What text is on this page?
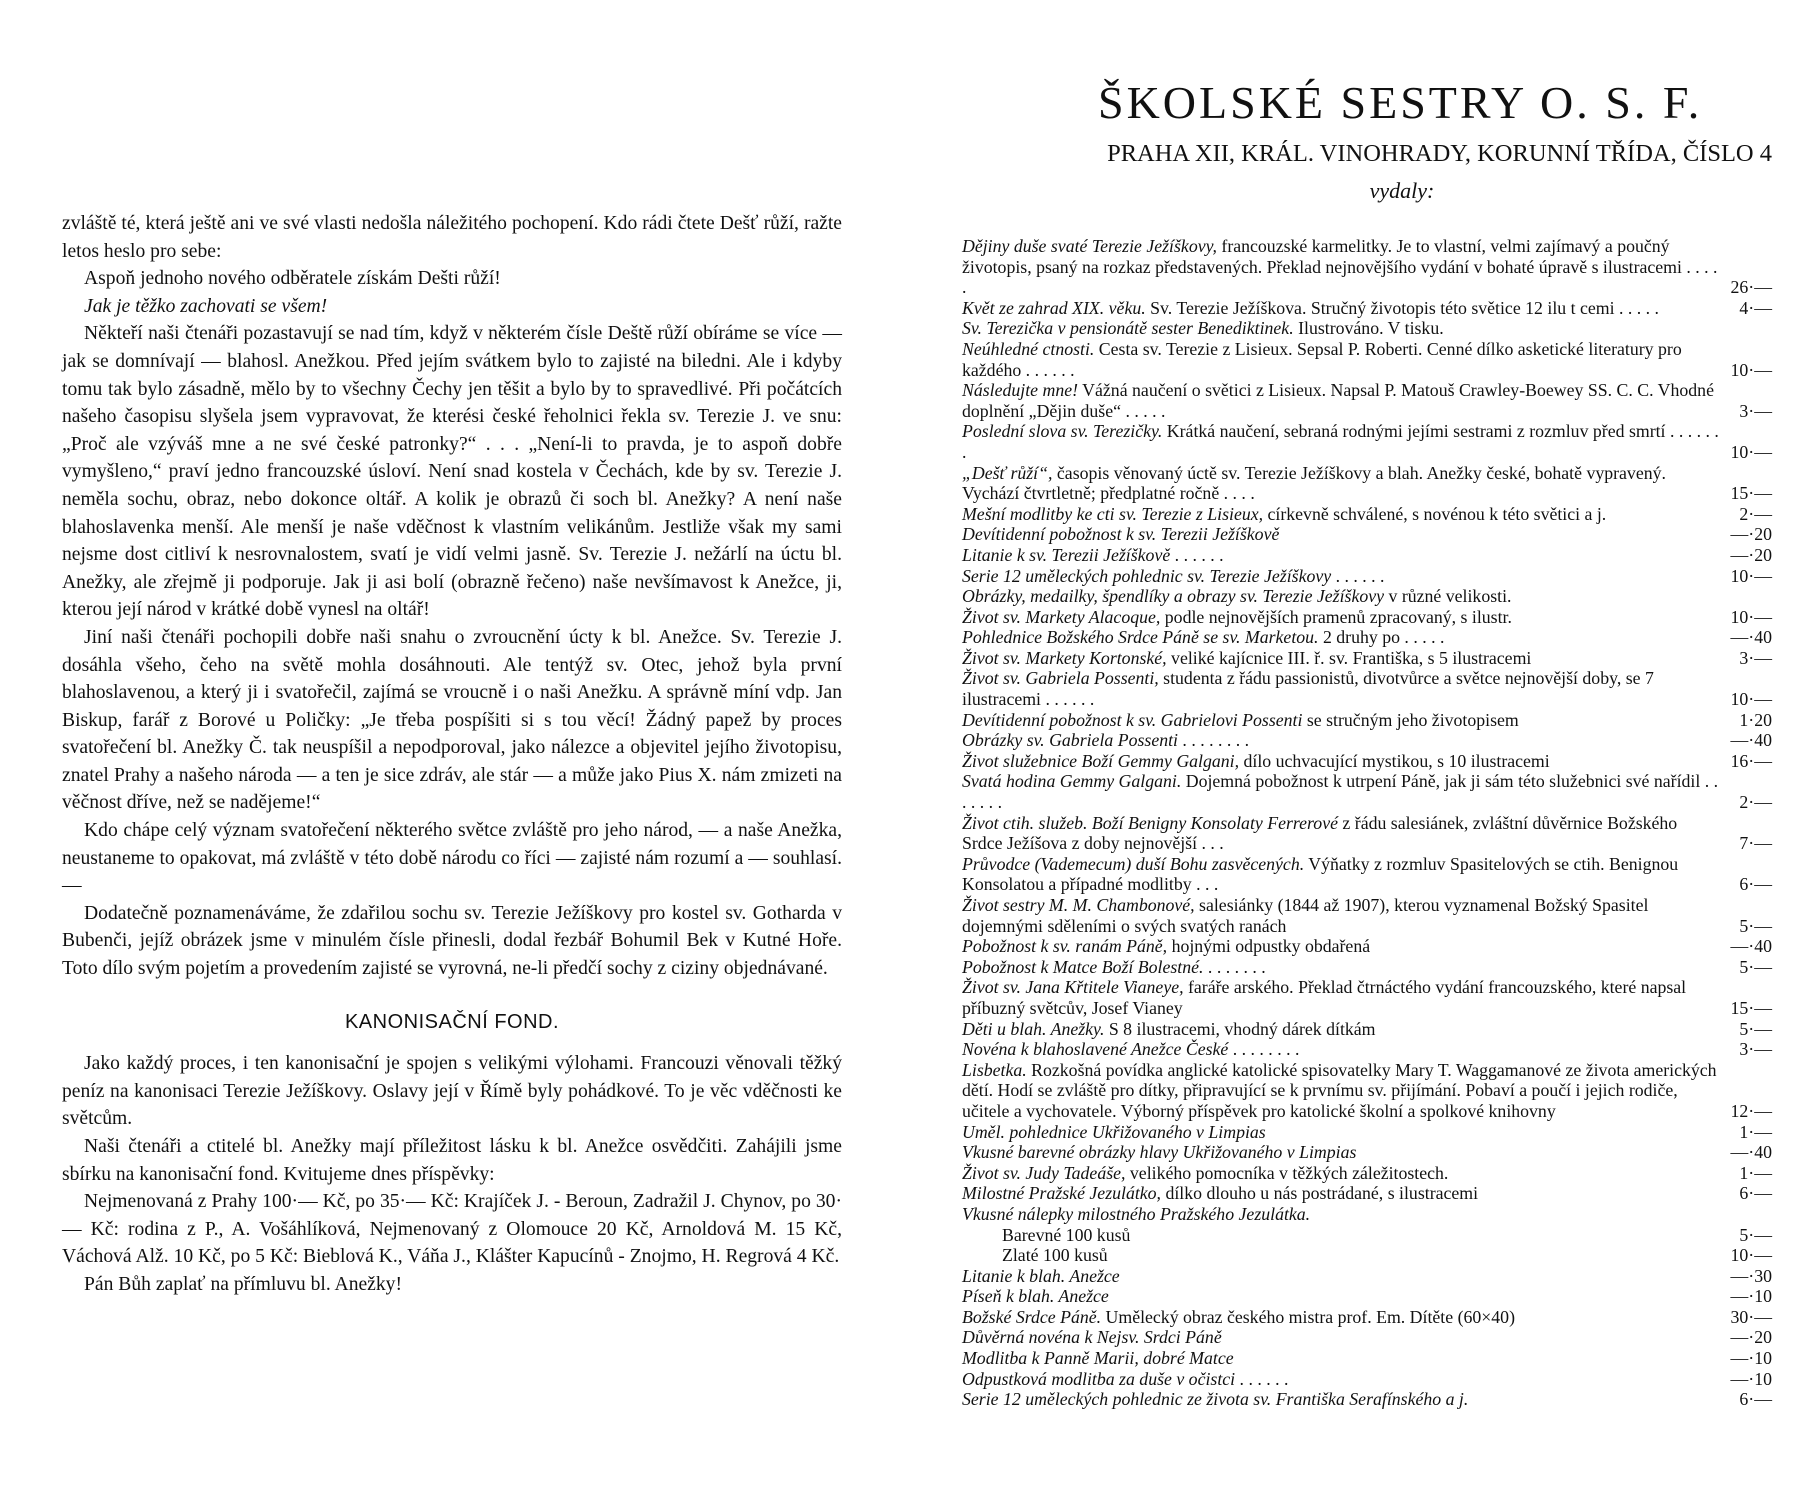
zvláště té, která ještě ani ve své vlasti nedošla náležitého pochopení. Kdo rádi čtete Dešť růží, ražte letos heslo pro sebe:

Aspoň jednoho nového odběratele získám Dešti růží!

Jak je těžko zachovati se všem!

Někteří naši čtenáři pozastavují se nad tím, když v některém čísle Deště růží obíráme se více — jak se domnívají — blahosl. Anežkou. Před jejím svátkem bylo to zajisté na biledni. Ale i kdyby tomu tak bylo zásadně, mělo by to všechny Čechy jen těšit a bylo by to spravedlivé. Při počátcích našeho časopisu slyšela jsem vypravovat, že kterési české řeholnici řekla sv. Terezie J. ve snu: „Proč ale vzýváš mne a ne své české patronky?“ . . . „Není-li to pravda, je to aspoň dobře vymyšleno,“ praví jedno francouzské úsloví. Není snad kostela v Čechách, kde by sv. Terezie J. neměla sochu, obraz, nebo dokonce oltář. A kolik je obrazů či soch bl. Anežky? A není naše blahoslavenka menší. Ale menší je naše vděčnost k vlastním velikánům. Jestliže však my sami nejsme dost citliví k nesrovnalostem, svatí je vidí velmi jasně. Sv. Terezie J. nežárlí na úctu bl. Anežky, ale zřejmě ji podporuje. Jak ji asi bolí (obrazně řečeno) naše nevšímavost k Anežce, ji, kterou její národ v krátké době vynesl na oltář!

Jiní naši čtenáři pochopili dobře naši snahu o zvroucnění úcty k bl. Anežce. Sv. Terezie J. dosáhla všeho, čeho na světě mohla dosáhnouti. Ale tentýž sv. Otec, jehož byla první blahoslavenou, a který ji i svatořečil, zajímá se vroucně i o naši Anežku. A správně míní vdp. Jan Biskup, farář z Borové u Poličky: „Je třeba pospíšiti si s tou věcí! Žádný papež by proces svatořečení bl. Anežky Č. tak neuspíšil a nepodporoval, jako nálezce a objevitel jejího životopisu, znatel Prahy a našeho národa — a ten je sice zdráv, ale stár — a může jako Pius X. nám zmizeti na věčnost dříve, než se nadějeme!“

Kdo chápe celý význam svatořečení některého světce zvláště pro jeho národ, — a naše Anežka, neustaneme to opakovat, má zvláště v této době národu co říci — zajisté nám rozumí a — souhlasí.—

Dodatečně poznamenáváme, že zdařilou sochu sv. Terezie Ježíškovy pro kostel sv. Gotharda v Bubenči, jejíž obrázek jsme v minulém čísle přinesli, dodal řezbář Bohumil Bek v Kutné Hoře. Toto dílo svým pojetím a provedením zajisté se vyrovná, ne-li předčí sochy z ciziny objednávané.

KANONISAČNÍ FOND.

Jako každý proces, i ten kanonisační je spojen s velikými výlohami. Francouzi věnovali těžký peníz na kanonisaci Terezie Ježíškovy. Oslavy její v Římě byly pohádkové. To je věc vděčnosti ke světcům.

Naši čtenáři a ctitelé bl. Anežky mají příležitost lásku k bl. Anežce osvědčiti. Zahájili jsme sbírku na kanonisační fond. Kvitujeme dnes příspěvky:

Nejmenovaná z Prahy 100·— Kč, po 35·— Kč: Krajíček J. - Beroun, Zadražil J. Chynov, po 30·— Kč: rodina z P., A. Vošáhlíková, Nejmenovaný z Olomouce 20 Kč, Arnoldová M. 15 Kč, Váchová Alž. 10 Kč, po 5 Kč: Bieblová K., Váňa J., Klášter Kapucínů - Znojmo, H. Regrová 4 Kč.

Pán Bůh zaplať na přímluvu bl. Anežky!

ŠKOLSKÉ SESTRY O. S. F.
PRAHA XII, KRÁL. VINOHRADY, KORUNNÍ TŘÍDA, ČÍSLO 4
vydaly:
Dějiny duše svaté Terezie Ježíškovy, francouzské karmelitky. Je to vlastní, velmi zajímavý a poučný životopis, psaný na rozkaz představených. Překlad nejnovějšího vydání v bohaté úpravě s ilustracemi . . . . .	26·—
Květ ze zahrad XIX. věku. Sv. Terezie Ježíškova. Stručný životopis této světice 12 ilu t cemi . . . . .	4·—
Sv. Terezička v pensionátě sester Benediktinek. Ilustrováno. V tisku.
Neúhledné ctnosti. Cesta sv. Terezie z Lisieux. Sepsal P. Roberti. Cenné dílko asketické literatury pro každého . . . . . .	10·—
Následujte mne! Vážná naučení o světici z Lisieux. Napsal P. Matouš Crawley-Boewey SS. C. C. Vhodné doplnění „Dějin duše“ . . . . .	3·—
Poslední slova sv. Terezičky. Krátká naučení, sebraná rodnými jejími sestrami z rozmluv před smrtí . . . . . . .	10·—
„Dešť růží“, časopis věnovaný úctě sv. Terezie Ježíškovy a blah. Anežky české, bohatě vypravený. Vychází čtvrtletně; předplatné ročně . . . .	15·—
Mešní modlitby ke cti sv. Terezie z Lisieux, církevně schválené, s novénou k této světici a j.	2·—
Devítidenní pobožnost k sv. Terezii Ježíškově	—·20
Litanie k sv. Terezii Ježíškově . . . . . .	—·20
Serie 12 uměleckých pohlednic sv. Terezie Ježíškovy . . . . . .	10·—
Obrázky, medailky, špendlíky a obrazy sv. Terezie Ježíškovy v různé velikosti.
Život sv. Markety Alacoque, podle nejnovějších pramenů zpracovaný, s ilustr.	10·—
Pohlednice Božského Srdce Páně se sv. Marketou. 2 druhy po . . . . .	—·40
Život sv. Markety Kortonské, veliké kajícnice III. ř. sv. Františka, s 5 ilustracemi	3·—
Život sv. Gabriela Possenti, studenta z řádu passionistů, divotvůrce a světce nejnovější doby, se 7 ilustracemi . . . . . .	10·—
Devítidenní pobožnost k sv. Gabrielovi Possenti se stručným jeho životopisem	1·20
Obrázky sv. Gabriela Possenti . . . . . . . .	—·40
Život služebnice Boží Gemmy Galgani, dílo uchvacující mystikou, s 10 ilustracemi	16·—
Svatá hodina Gemmy Galgani. Dojemná pobožnost k utrpení Páně, jak ji sám této služebnici své nařídil . . . . . . .	2·—
Život ctih. služeb. Boží Benigny Konsolaty Ferrerové z řádu salesiánek, zvláštní důvěrnice Božského Srdce Ježíšova z doby nejnovější . . .	7·—
Průvodce (Vademecum) duší Bohu zasvěcených. Výňatky z rozmluv Spasitelových se ctih. Benignou Konsolatou a případné modlitby . . .	6·—
Život sestry M. M. Chambonové, salesiánky (1844 až 1907), kterou vyznamenal Božský Spasitel dojemnými sděleními o svých svatých ranách	5·—
Pobožnost k sv. ranám Páně, hojnými odpustky obdařená	—·40
Pobožnost k Matce Boží Bolestné. . . . . . . .	5·—
Život sv. Jana Křtitele Vianeye, faráře arského. Překlad čtrnáctého vydání francouzského, které napsal příbuzný světcův, Josef Vianey	15·—
Děti u blah. Anežky. S 8 ilustracemi, vhodný dárek dítkám	5·—
Novéna k blahoslavené Anežce České . . . . . . . .	3·—
Lisbetka. Rozkošná povídka anglické katolické spisovatelky Mary T. Waggamanové ze života amerických dětí. Hodí se zvláště pro dítky, připravující se k prvnímu sv. přijímání. Pobaví a poučí i jejich rodiče, učitele a vychovatele. Výborný příspěvek pro katolické školní a spolkové knihovny	12·—
Uměl. pohlednice Ukřižovaného v Limpias	1·—
Vkusné barevné obrázky hlavy Ukřižovaného v Limpias	—·40
Život sv. Judy Tadeáše, velikého pomocníka v těžkých záležitostech.	1·—
Milostné Pražské Jezulátko, dílko dlouho u nás postrádané, s ilustracemi	6·—
Vkusné nálepky milostného Pražského Jezulátka.
Barevné 100 kusů	5·—
Zlaté 100 kusů	10·—
Litanie k blah. Anežce	—·30
Píseň k blah. Anežce	—·10
Božské Srdce Páně. Umělecký obraz českého mistra prof. Em. Dítěte (60×40)	30·—
Důvěrná novéna k Nejsv. Srdci Páně	—·20
Modlitba k Panně Marii, dobré Matce	—·10
Odpustková modlitba za duše v očistci . . . . . .	—·10
Serie 12 uměleckých pohlednic ze života sv. Františka Serafínského a j.	6·—
